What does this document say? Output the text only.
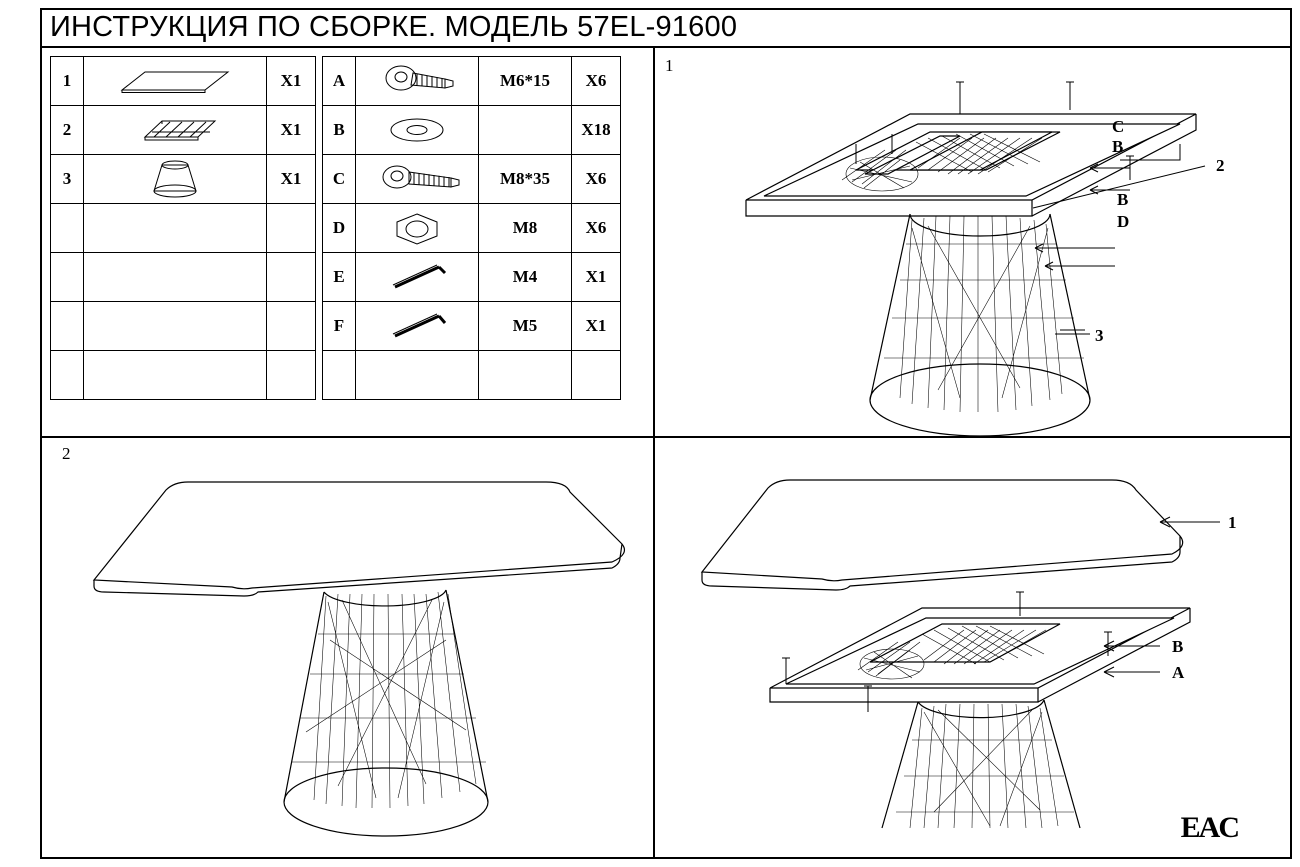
ИНСТРУКЦИЯ ПО СБОРКЕ. МОДЕЛЬ 57EL-91600
1		X1		A		M6*15	X6
2		X1		B			X18
3		X1		C		M8*35	X6
				D		M8	X6
				E		M4	X1
				F		M5	X1

1
C
B
2
B
D
3
2
1
B
A
EAC
